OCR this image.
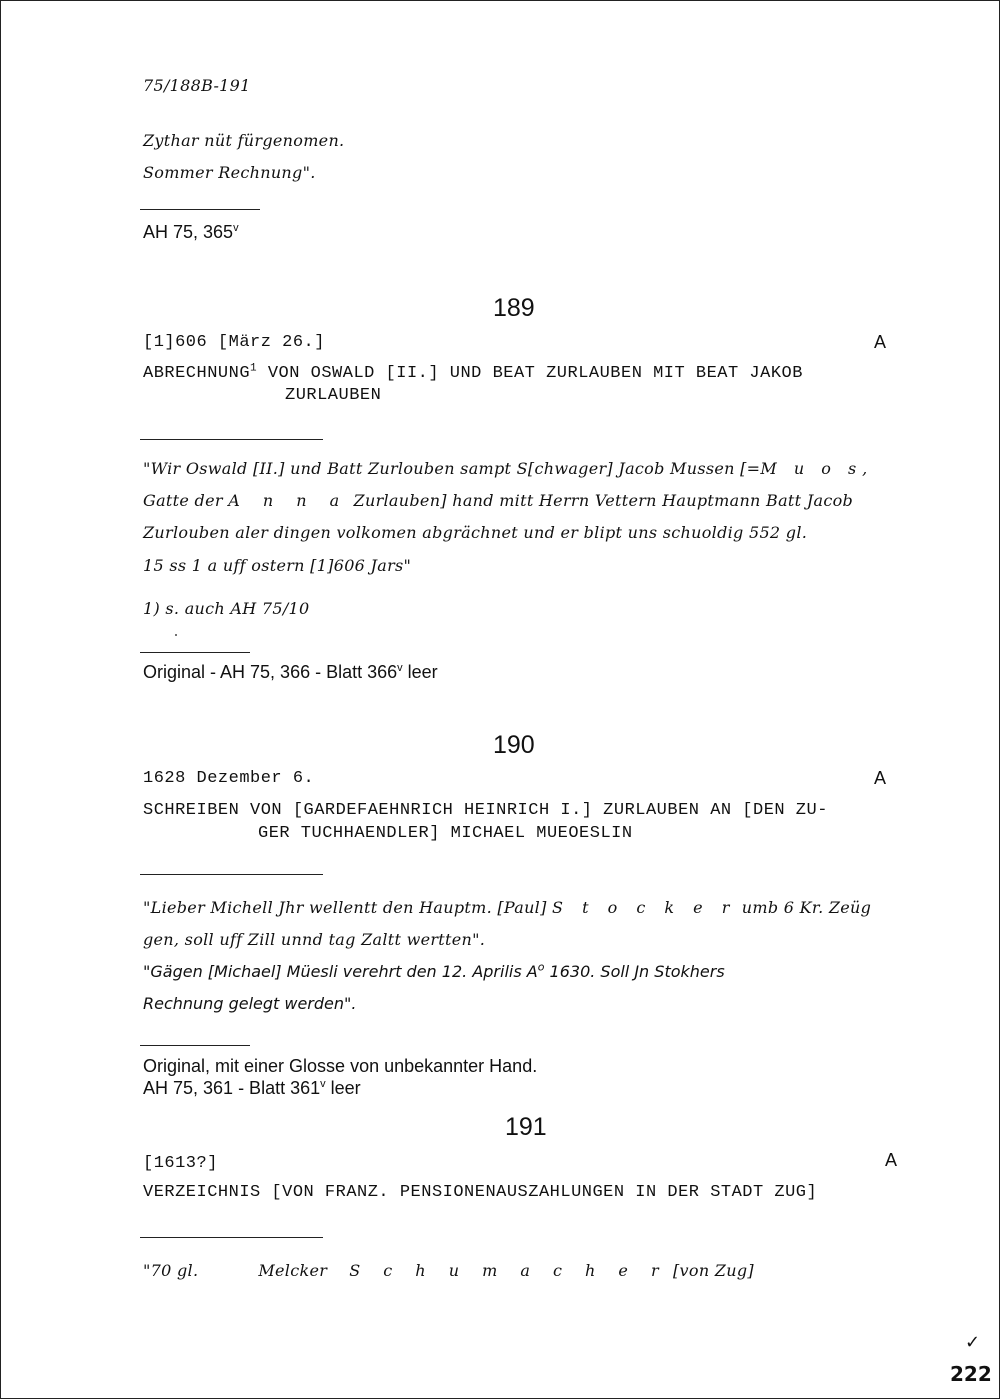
75/188B-191
Zythar nüt fürgenomen.
Sommer Rechnung".
AH 75, 365$^v$
189
[1]606 [März 26.]	A
ABRECHNUNG$^1$ VON OSWALD [II.] UND BEAT ZURLAUBEN MIT BEAT JAKOB
ZURLAUBEN
"Wir Oswald [II.] und Batt Zurlouben sampt S[chwager] Jacob Mussen [=M u o s,
Gatte der A n n a Zurlauben] hand mitt Herrn Vettern Hauptmann Batt Jacob
Zurlouben aler dingen volkomen abgrächnet und er blipt uns schuoldig 552 gl.
15 ss 1 a uff ostern [1]606 Jars"
1) s. auch AH 75/10
Original - AH 75, 366 - Blatt 366$^v$ leer
190
1628 Dezember 6.	A
SCHREIBEN VON [GARDEFAEHNRICH HEINRICH I.] ZURLAUBEN AN [DEN ZU-
GER TUCHHAENDLER] MICHAEL MUEOESLIN
"Lieber Michell Jhr wellentt den Hauptm. [Paul] S t o c k e r umb 6 Kr. Zeüg
gen, soll uff Zill unnd tag Zaltt wertten".
"Gägen [Michael] Müesli verehrt den 12. Aprilis $A^o$ 1630. Soll Jn Stokhers
Rechnung gelegt werden".
Original, mit einer Glosse von unbekannter Hand.
AH 75, 361 - Blatt 361$^v$ leer
191
[1613?]	A
VERZEICHNIS [VON FRANZ. PENSIONENAUSZAHLUNGEN IN DER STADT ZUG]
"70 gl.	Melcker S c h u m a c h e r [von Zug]
✓
222
